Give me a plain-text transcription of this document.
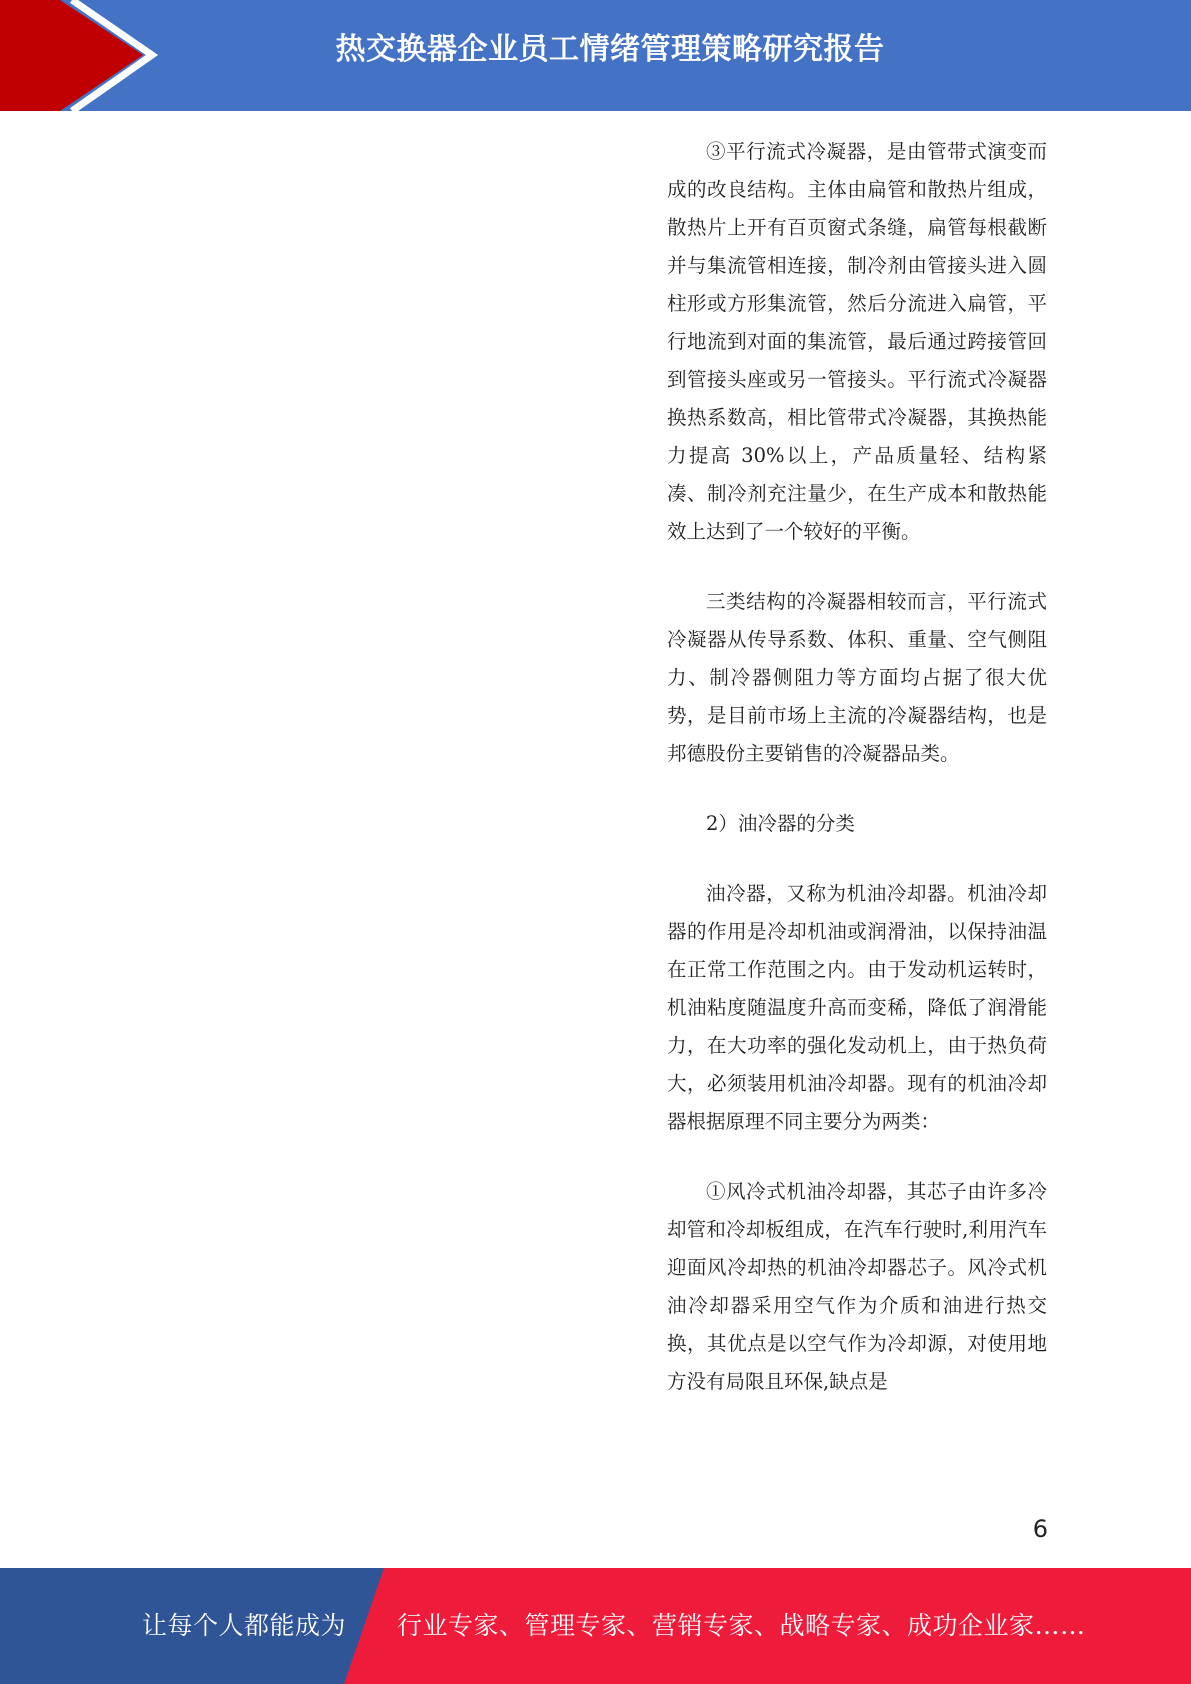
热交换器企业员工情绪管理策略研究报告

③平行流式冷凝器，是由管带式演变而成的改良结构。主体由扁管和散热片组成，散热片上开有百页窗式条缝，扁管每根截断并与集流管相连接，制冷剂由管接头进入圆柱形或方形集流管，然后分流进入扁管，平行地流到对面的集流管，最后通过跨接管回到管接头座或另一管接头。平行流式冷凝器换热系数高，相比管带式冷凝器，其换热能力提高 30%以上，产品质量轻、结构紧凑、制冷剂充注量少，在生产成本和散热能效上达到了一个较好的平衡。

三类结构的冷凝器相较而言，平行流式冷凝器从传导系数、体积、重量、空气侧阻力、制冷器侧阻力等方面均占据了很大优势，是目前市场上主流的冷凝器结构，也是邦德股份主要销售的冷凝器品类。

2）油冷器的分类

油冷器，又称为机油冷却器。机油冷却器的作用是冷却机油或润滑油，以保持油温在正常工作范围之内。由于发动机运转时，机油粘度随温度升高而变稀，降低了润滑能力，在大功率的强化发动机上，由于热负荷大，必须装用机油冷却器。现有的机油冷却器根据原理不同主要分为两类：

①风冷式机油冷却器，其芯子由许多冷却管和冷却板组成，在汽车行驶时,利用汽车迎面风冷却热的机油冷却器芯子。风冷式机油冷却器采用空气作为介质和油进行热交换，其优点是以空气作为冷却源，对使用地方没有局限且环保,缺点是

6
让每个人都能成为 行业专家、管理专家、营销专家、战略专家、成功企业家……
